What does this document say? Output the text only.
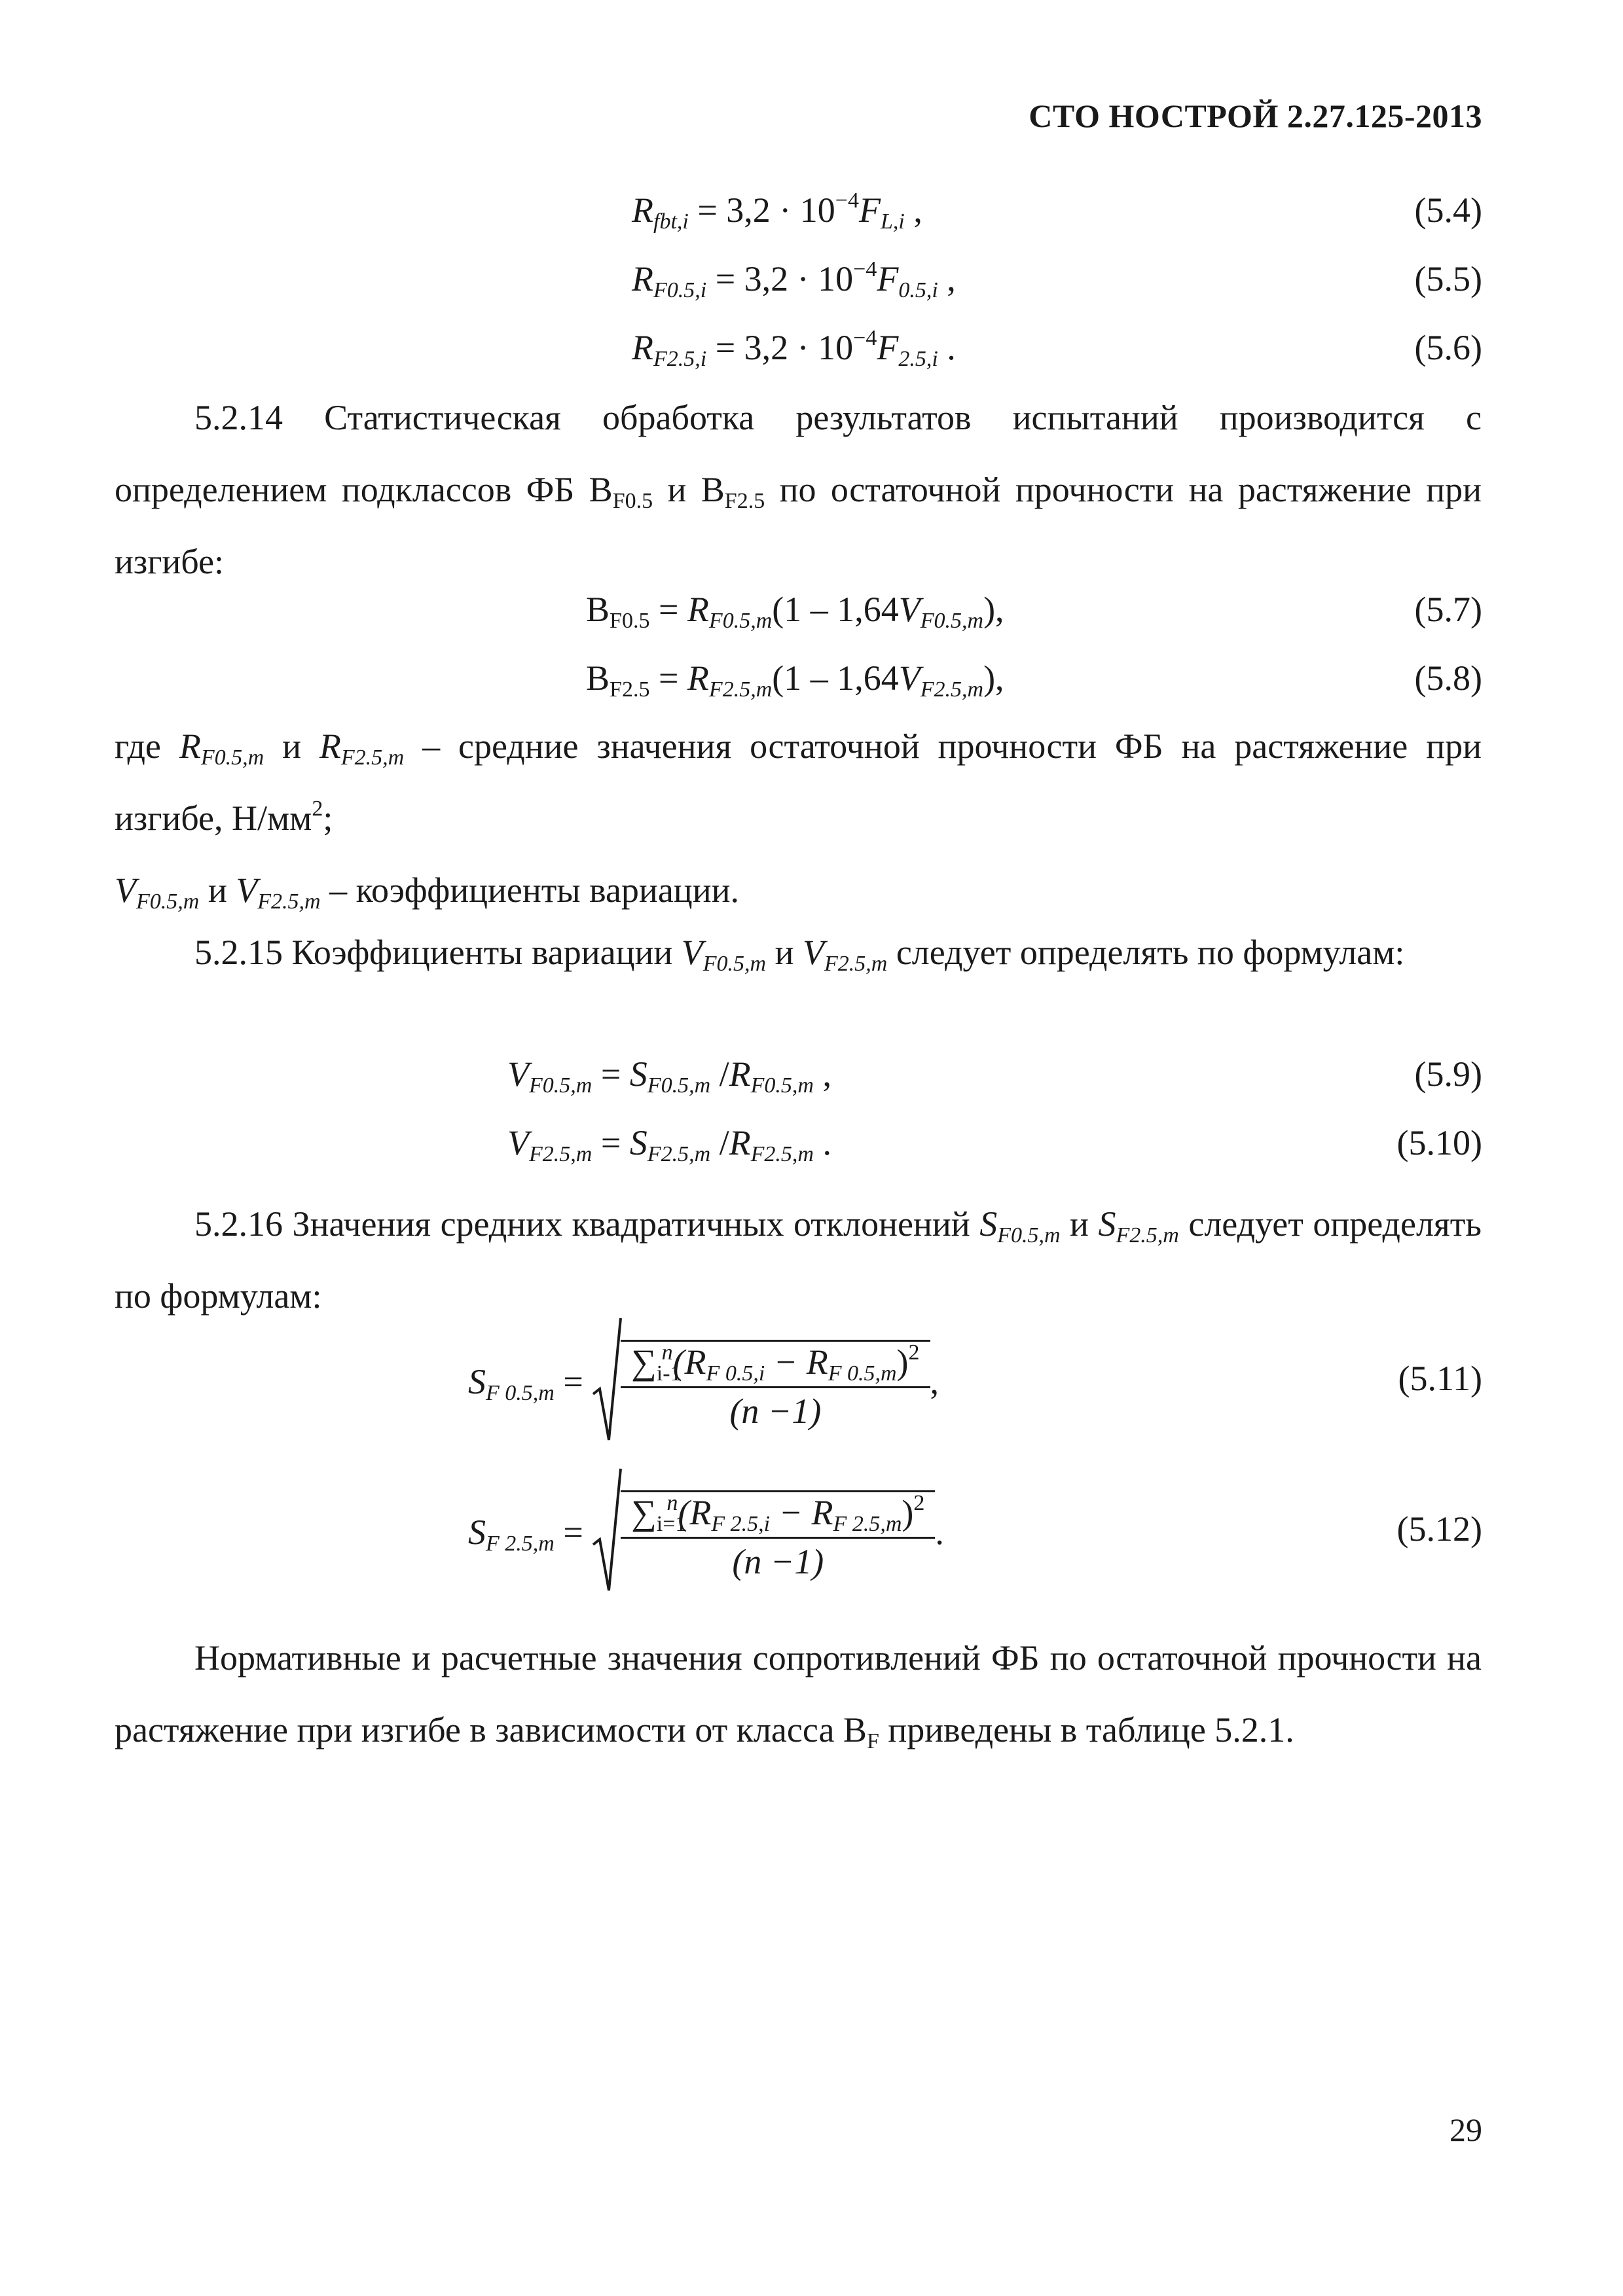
СТО НОСТРОЙ 2.27.125-2013
$R_{fbt,i} = 3,2 \cdot 10^{-4}F_{L,i}$ ,	(5.4)
$R_{F0.5,i} = 3,2 \cdot 10^{-4}F_{0.5,i}$ ,	(5.5)
$R_{F2.5,i} = 3,2 \cdot 10^{-4}F_{2.5,i}$ .	(5.6)
5.2.14 Статистическая обработка результатов испытаний производится с определением подклассов ФБ $В_{F0.5}$ и $В_{F2.5}$ по остаточной прочности на растяжение при изгибе:
$B_{F0.5} = R_{F0.5,m}(1 - 1,64V_{F0.5,m})$,	(5.7)
$B_{F2.5} = R_{F2.5,m}(1 - 1,64V_{F2.5,m})$,	(5.8)
где $R_{F0.5,m}$ и $R_{F2.5,m}$ – средние значения остаточной прочности ФБ на растяжение при изгибе, $Н/мм^2$;
$V_{F0.5,m}$ и $V_{F2.5,m}$ – коэффициенты вариации.
5.2.15 Коэффициенты вариации $V_{F0.5,m}$ и $V_{F2.5,m}$ следует определять по формулам:
$V_{F0.5,m} = S_{F0.5,m}$ $/R_{F0.5,m}$ ,	(5.9)
$V_{F2.5,m} = S_{F2.5,m}$ $/R_{F2.5,m}$ .	(5.10)
5.2.16 Значения средних квадратичных отклонений $S_{F0.5,m}$ и $S_{F2.5,m}$ следует определять по формулам:
$S_{F 0.5,m} = \frac{\sum_{i-1}^n(R_{F 0.5,i} - R_{F 0.5,m})^2}{(n -1)}$ ,	(5.11)
$S_{F 2.5,m} = \frac{\sum_{i=1}^n(R_{F 2.5,i} - R_{F 2.5,m})^2}{(n -1)}$ .	(5.12)
Нормативные и расчетные значения сопротивлений ФБ по остаточной прочности на растяжение при изгибе в зависимости от класса $В_F$ приведены в таблице 5.2.1.
29
